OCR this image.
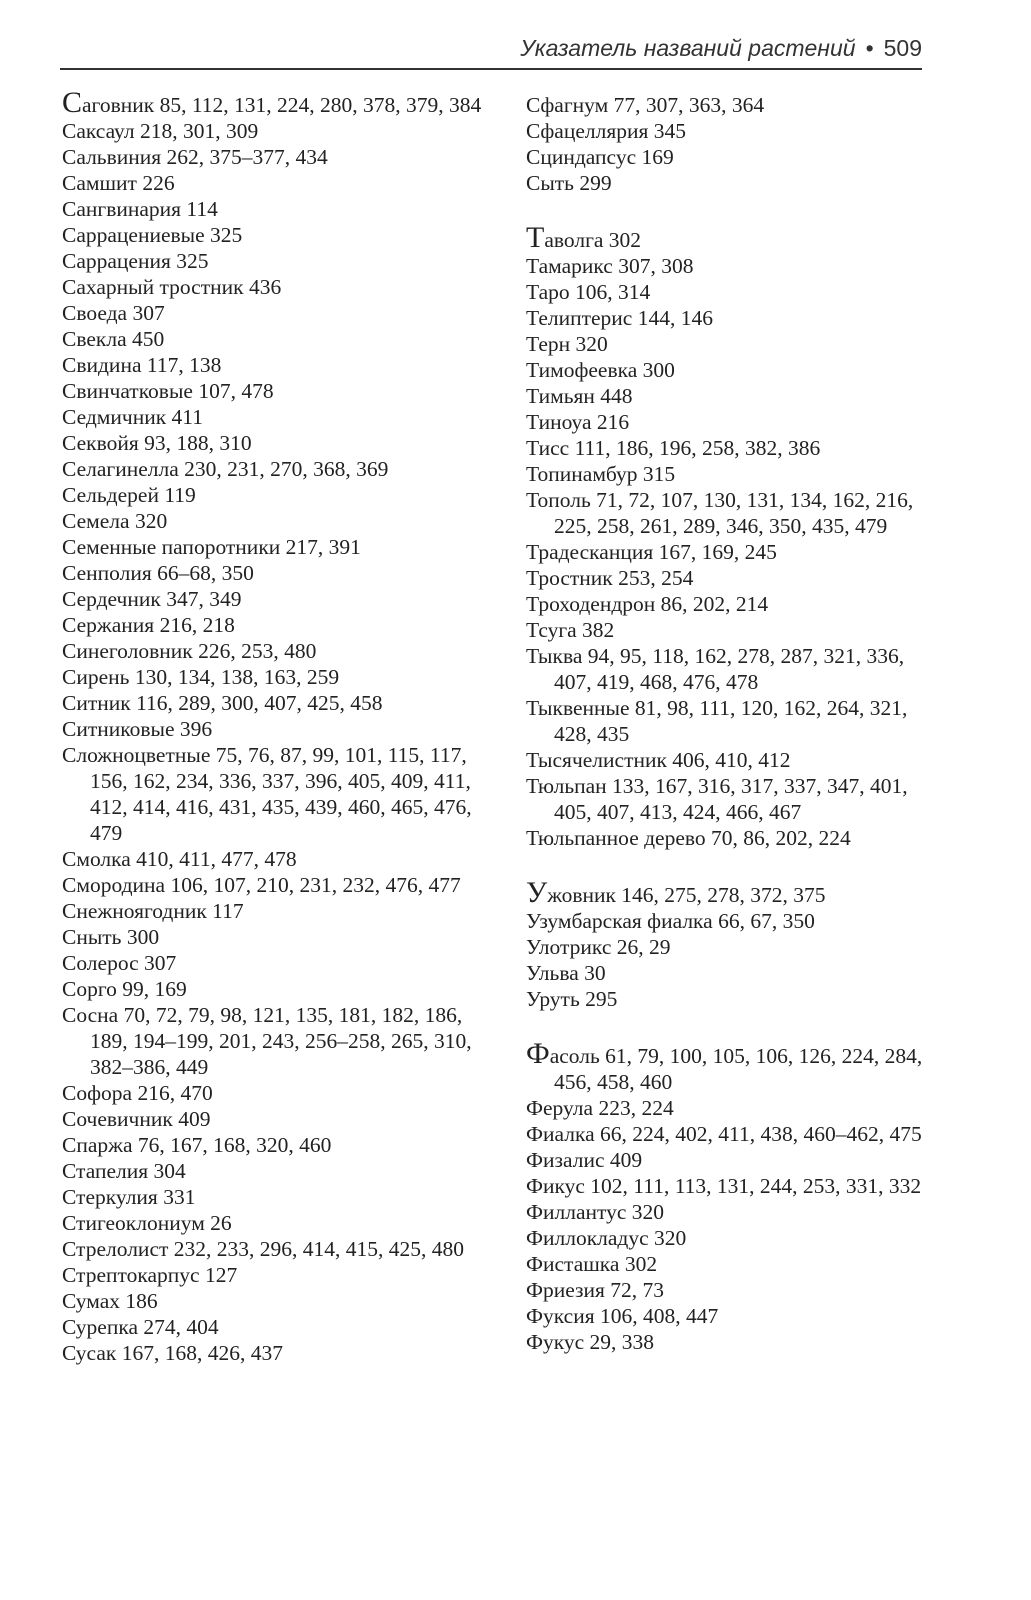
Указатель названий растений • 509
Саговник 85, 112, 131, 224, 280, 378, 379, 384
Саксаул 218, 301, 309
Сальвиния 262, 375–377, 434
Самшит 226
Сангвинария 114
Саррацениевые 325
Саррацения 325
Сахарный тростник 436
Своеда 307
Свекла 450
Свидина 117, 138
Свинчатковые 107, 478
Седмичник 411
Секвойя 93, 188, 310
Селагинелла 230, 231, 270, 368, 369
Сельдерей 119
Семела 320
Семенные папоротники 217, 391
Сенполия 66–68, 350
Сердечник 347, 349
Сержания 216, 218
Синеголовник 226, 253, 480
Сирень 130, 134, 138, 163, 259
Ситник 116, 289, 300, 407, 425, 458
Ситниковые 396
Сложноцветные 75, 76, 87, 99, 101, 115, 117, 156, 162, 234, 336, 337, 396, 405, 409, 411, 412, 414, 416, 431, 435, 439, 460, 465, 476, 479
Смолка 410, 411, 477, 478
Смородина 106, 107, 210, 231, 232, 476, 477
Снежноягодник 117
Сныть 300
Солерос 307
Сорго 99, 169
Сосна 70, 72, 79, 98, 121, 135, 181, 182, 186, 189, 194–199, 201, 243, 256–258, 265, 310, 382–386, 449
Софора 216, 470
Сочевичник 409
Спаржа 76, 167, 168, 320, 460
Стапелия 304
Стеркулия 331
Стигеоклониум 26
Стрелолист 232, 233, 296, 414, 415, 425, 480
Стрептокарпус 127
Сумах 186
Сурепка 274, 404
Сусак 167, 168, 426, 437
Сфагнум 77, 307, 363, 364
Сфацеллярия 345
Сциндапсус 169
Сыть 299
Таволга 302
Тамарикс 307, 308
Таро 106, 314
Телиптерис 144, 146
Терн 320
Тимофеевка 300
Тимьян 448
Тиноуа 216
Тисс 111, 186, 196, 258, 382, 386
Топинамбур 315
Тополь 71, 72, 107, 130, 131, 134, 162, 216, 225, 258, 261, 289, 346, 350, 435, 479
Традесканция 167, 169, 245
Тростник 253, 254
Троходендрон 86, 202, 214
Тсуга 382
Тыква 94, 95, 118, 162, 278, 287, 321, 336, 407, 419, 468, 476, 478
Тыквенные 81, 98, 111, 120, 162, 264, 321, 428, 435
Тысячелистник 406, 410, 412
Тюльпан 133, 167, 316, 317, 337, 347, 401, 405, 407, 413, 424, 466, 467
Тюльпанное дерево 70, 86, 202, 224
Ужовник 146, 275, 278, 372, 375
Узумбарская фиалка 66, 67, 350
Улотрикс 26, 29
Ульва 30
Уруть 295
Фасоль 61, 79, 100, 105, 106, 126, 224, 284, 456, 458, 460
Ферула 223, 224
Фиалка 66, 224, 402, 411, 438, 460–462, 475
Физалис 409
Фикус 102, 111, 113, 131, 244, 253, 331, 332
Филлантус 320
Филлокладус 320
Фисташка 302
Фриезия 72, 73
Фуксия 106, 408, 447
Фукус 29, 338
